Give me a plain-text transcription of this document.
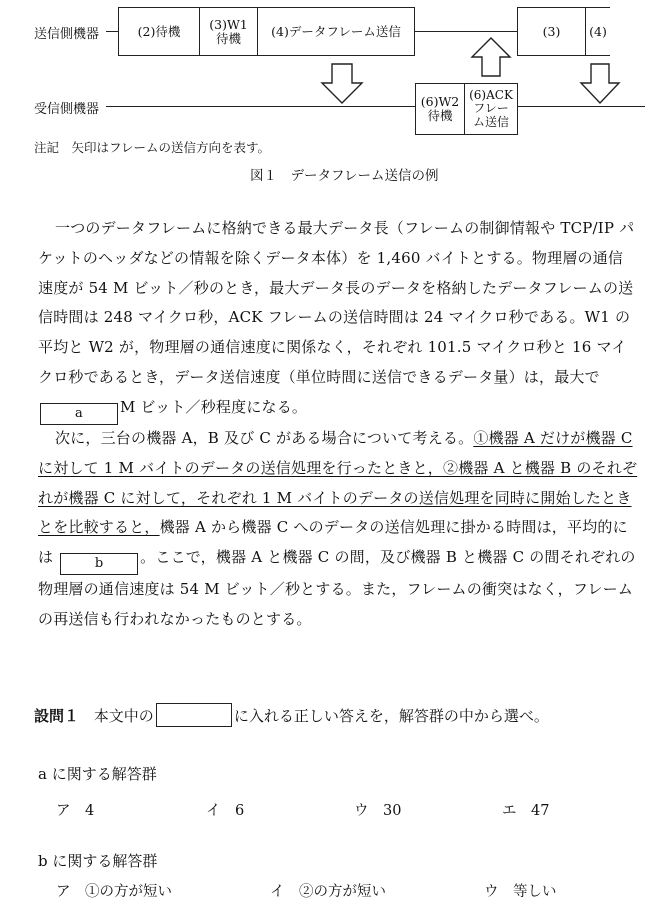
送信側機器	(2)待機 (3)W1
待機	(4)データフレーム送信	(3) (4)
受信側機器
(6)W2
待機
(6)ACK
フレー
ム送信
注記　矢印はフレームの送信方向を表す。
図１　データフレーム送信の例
一つのデータフレームに格納できる最大データ長（フレームの制御情報や TCP/IP パケットのヘッダなどの情報を除くデータ本体）を 1,460 バイトとする。物理層の通信速度が 54 M ビット／秒のとき，最大データ長のデータを格納したデータフレームの送信時間は 248 マイクロ秒，ACK フレームの送信時間は 24 マイクロ秒である。W1 の平均と W2 が，物理層の通信速度に関係なく，それぞれ 101.5 マイクロ秒と 16 マイクロ秒であるとき，データ送信速度（単位時間に送信できるデータ量）は，最大で a M ビット／秒程度になる。
次に，三台の機器 A，B 及び C がある場合について考える。①機器 A だけが機器 C に対して 1 M バイトのデータの送信処理を行ったときと，②機器 A と機器 B のそれぞれが機器 C に対して，それぞれ 1 M バイトのデータの送信処理を同時に開始したときとを比較すると，機器 A から機器 C へのデータの送信処理に掛かる時間は，平均的には	b 。ここで，機器 A と機器 C の間，及び機器 B と機器 C の間それぞれの物理層の通信速度は 54 M ビット／秒とする。また，フレームの衝突はなく，フレームの再送信も行われなかったものとする。
設問１ 本文中の	に入れる正しい答えを，解答群の中から選べ。
a に関する解答群
ア　4	イ　6	ウ　30	エ　47
b に関する解答群
ア　①の方が短い	イ　②の方が短い	ウ　等しい
